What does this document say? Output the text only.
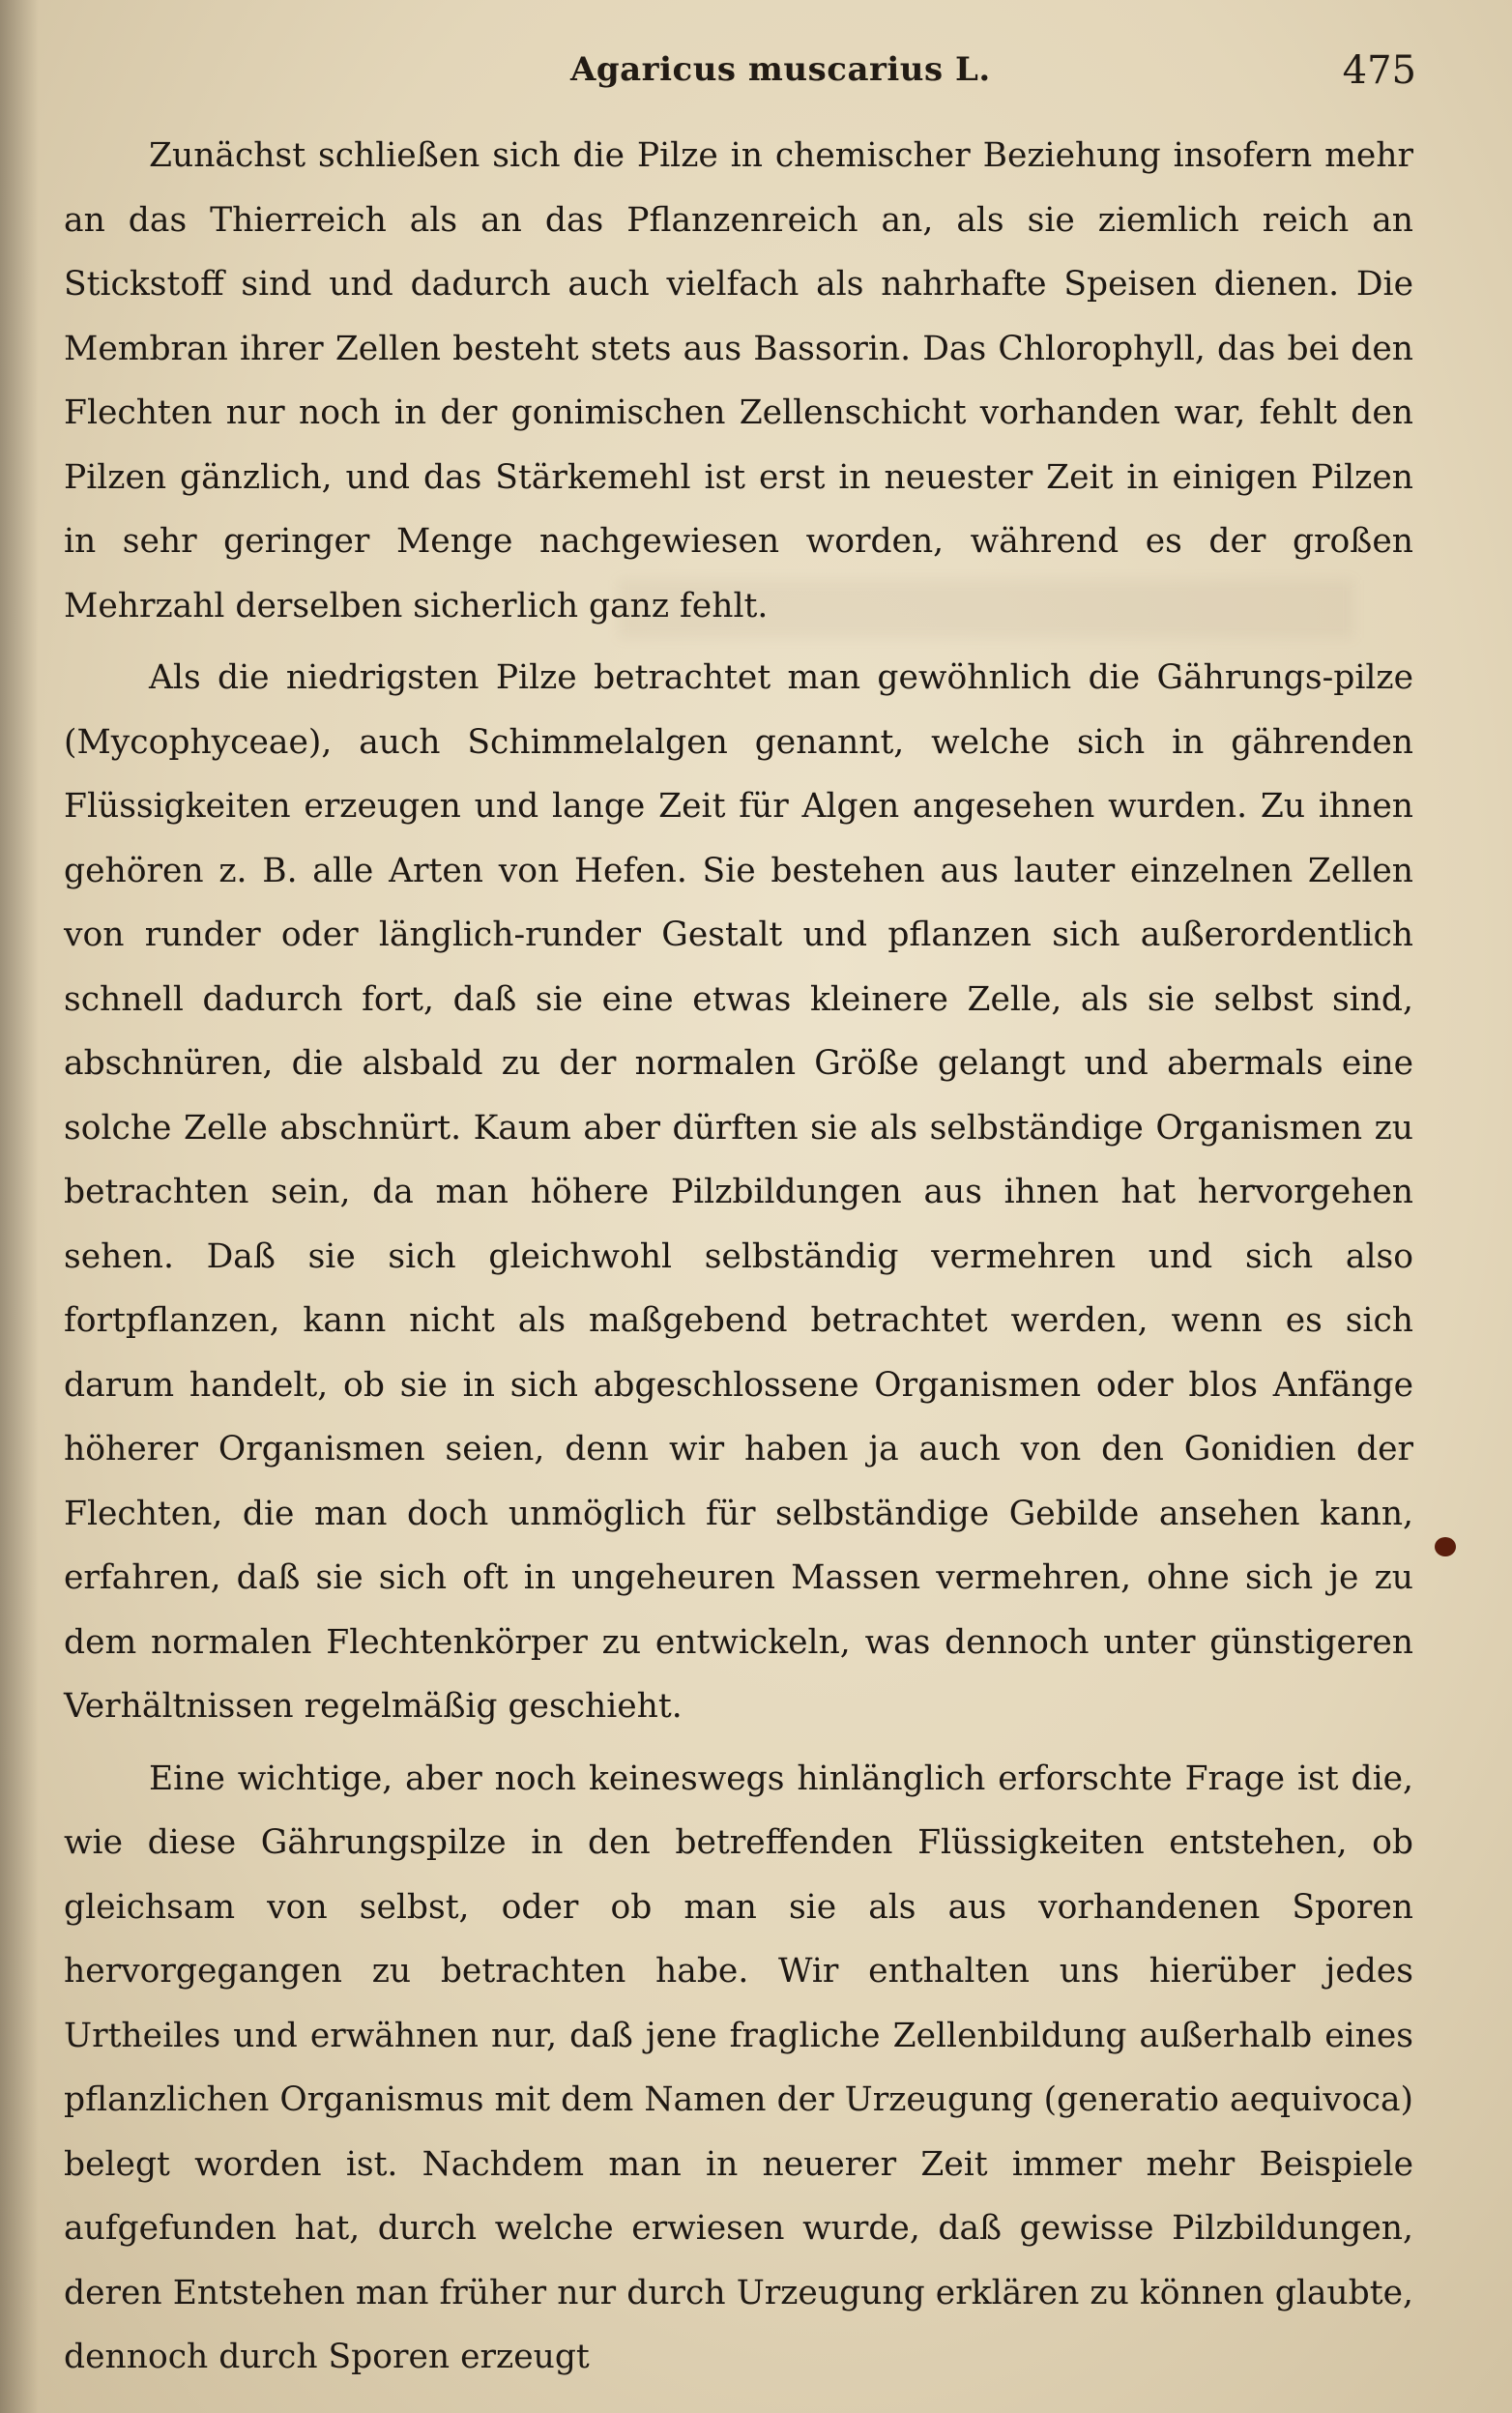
Agaricus muscarius L.	475

Zunächst schließen sich die Pilze in chemischer Beziehung insofern mehr an das Thierreich als an das Pflanzenreich an, als sie ziemlich reich an Stickstoff sind und dadurch auch vielfach als nahrhafte Speisen dienen. Die Membran ihrer Zellen besteht stets aus Bassorin. Das Chlorophyll, das bei den Flechten nur noch in der gonimischen Zellenschicht vorhanden war, fehlt den Pilzen gänzlich, und das Stärkemehl ist erst in neuester Zeit in einigen Pilzen in sehr geringer Menge nachgewiesen worden, während es der großen Mehrzahl derselben sicherlich ganz fehlt.

Als die niedrigsten Pilze betrachtet man gewöhnlich die Gährungs-pilze (Mycophyceae), auch Schimmelalgen genannt, welche sich in gährenden Flüssigkeiten erzeugen und lange Zeit für Algen angesehen wurden. Zu ihnen gehören z. B. alle Arten von Hefen. Sie bestehen aus lauter einzelnen Zellen von runder oder länglich-runder Gestalt und pflanzen sich außerordentlich schnell dadurch fort, daß sie eine etwas kleinere Zelle, als sie selbst sind, abschnüren, die alsbald zu der normalen Größe gelangt und abermals eine solche Zelle abschnürt. Kaum aber dürften sie als selbständige Organismen zu betrachten sein, da man höhere Pilzbildungen aus ihnen hat hervorgehen sehen. Daß sie sich gleichwohl selbständig vermehren und sich also fortpflanzen, kann nicht als maßgebend betrachtet werden, wenn es sich darum handelt, ob sie in sich abgeschlossene Organismen oder blos Anfänge höherer Organismen seien, denn wir haben ja auch von den Gonidien der Flechten, die man doch unmöglich für selbständige Gebilde ansehen kann, erfahren, daß sie sich oft in ungeheuren Massen vermehren, ohne sich je zu dem normalen Flechtenkörper zu entwickeln, was dennoch unter günstigeren Verhältnissen regelmäßig geschieht.

Eine wichtige, aber noch keineswegs hinlänglich erforschte Frage ist die, wie diese Gährungspilze in den betreffenden Flüssigkeiten entstehen, ob gleichsam von selbst, oder ob man sie als aus vorhandenen Sporen hervorgegangen zu betrachten habe. Wir enthalten uns hierüber jedes Urtheiles und erwähnen nur, daß jene fragliche Zellenbildung außerhalb eines pflanzlichen Organismus mit dem Namen der Urzeugung (generatio aequivoca) belegt worden ist. Nachdem man in neuerer Zeit immer mehr Beispiele aufgefunden hat, durch welche erwiesen wurde, daß gewisse Pilzbildungen, deren Entstehen man früher nur durch Urzeugung erklären zu können glaubte, dennoch durch Sporen erzeugt
